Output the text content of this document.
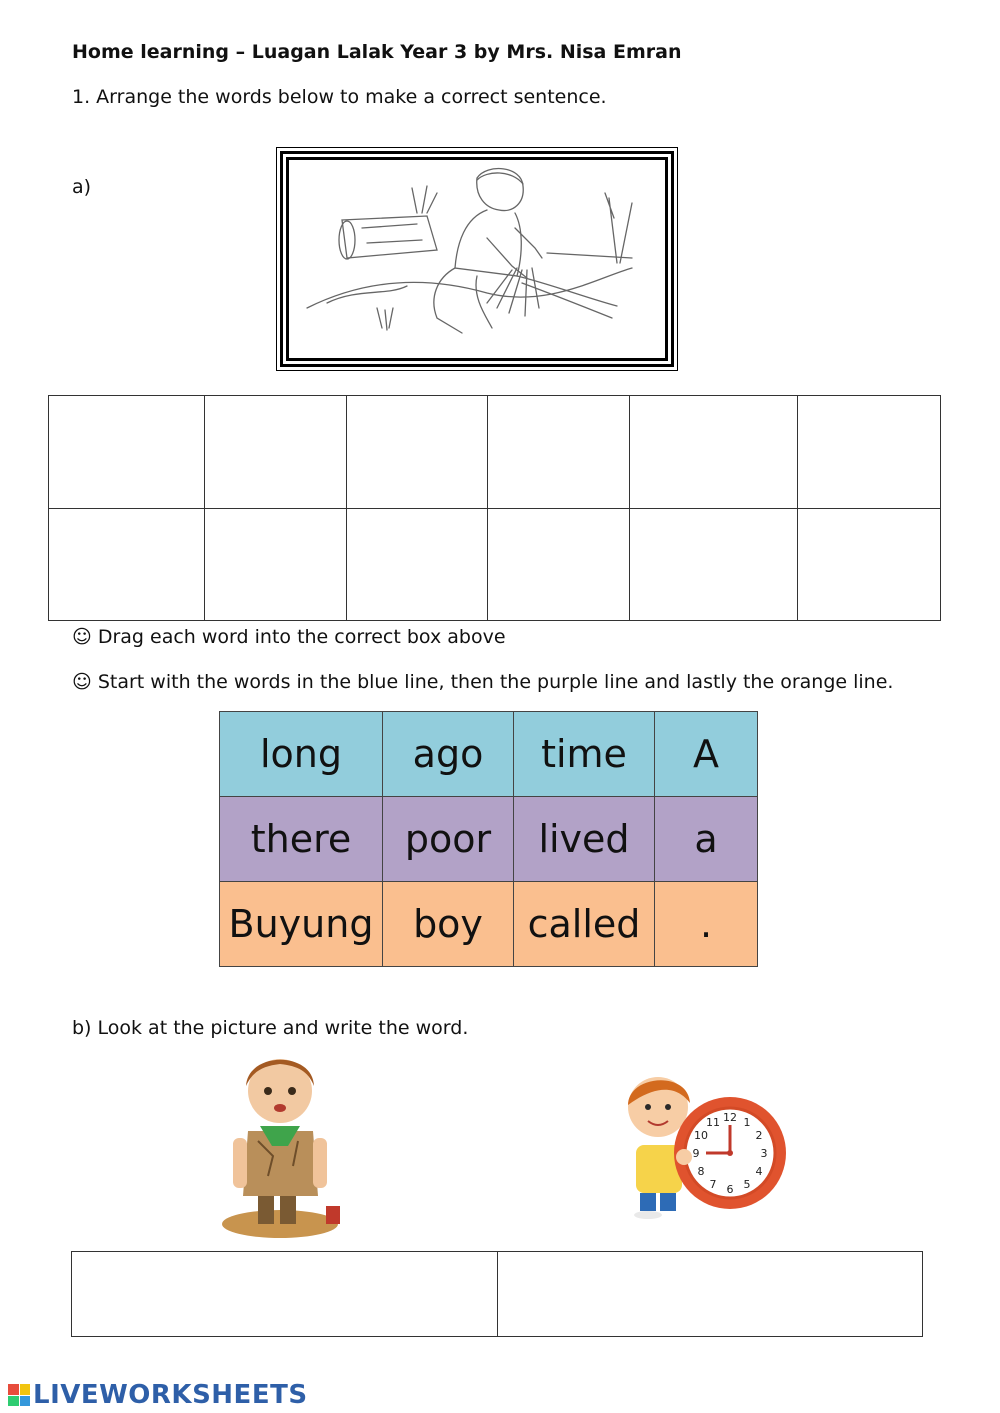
Home learning – Luagan Lalak Year 3 by Mrs. Nisa Emran
1. Arrange the words below to make a correct sentence.
a)

☺ Drag each word into the correct box above
☺ Start with the words in the blue line, then the purple line and lastly the orange line.
long	ago	time	A
there	poor	lived	a
Buyung	boy	called	.
b) Look at the picture and write the word.
12 1
2
3
4
5
6
7
8
9
10
11

LIVEWORKSHEETS
